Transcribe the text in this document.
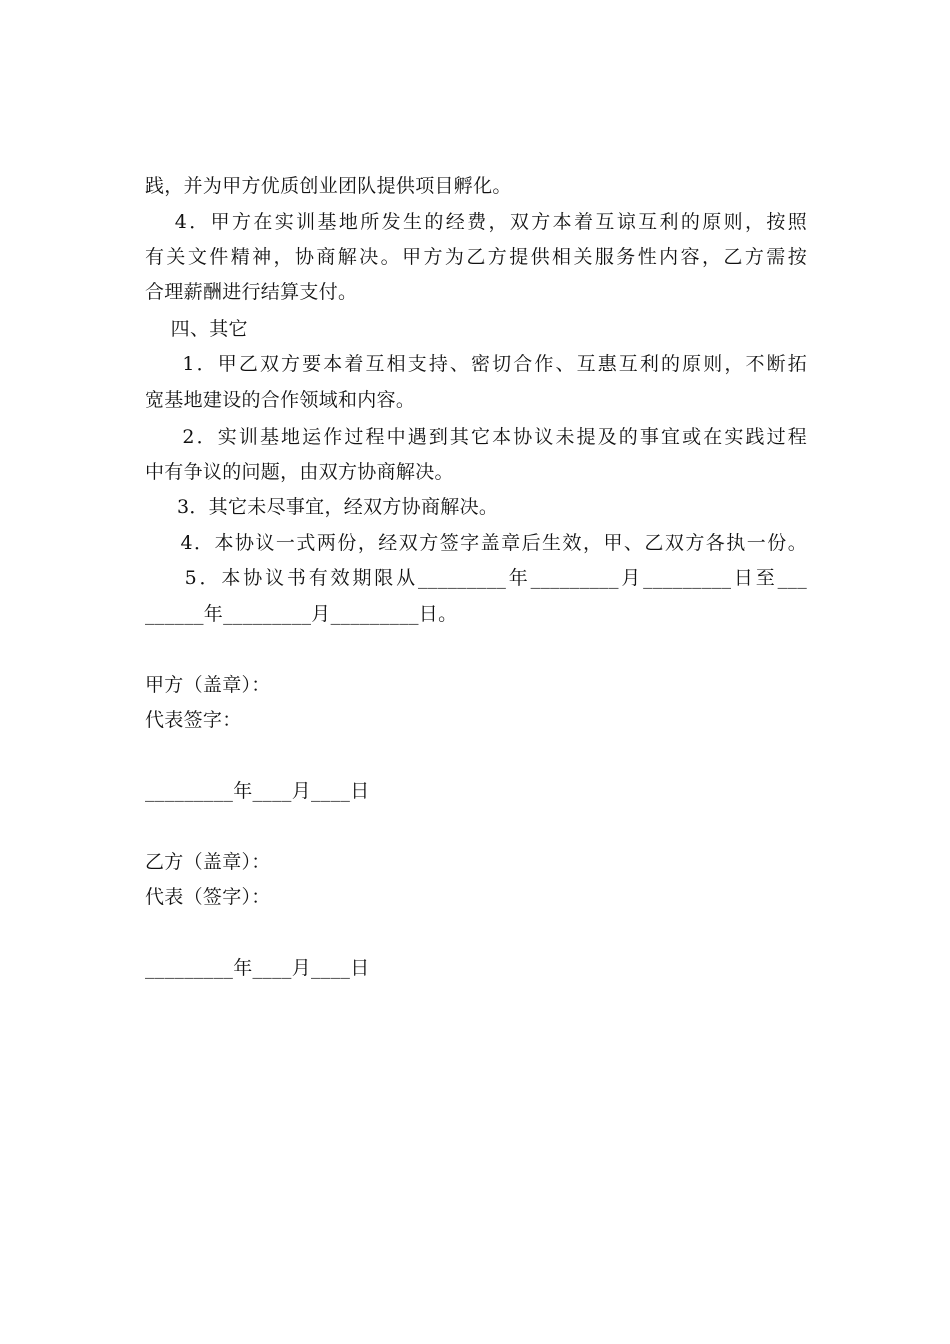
践，并为甲方优质创业团队提供项目孵化。
　 4．甲方在实训基地所发生的经费，双方本着互谅互利的原则，按照
有关文件精神，协商解决。甲方为乙方提供相关服务性内容，乙方需按
合理薪酬进行结算支付。
　 四、其它
　  1．甲乙双方要本着互相支持、密切合作、互惠互利的原则，不断拓
宽基地建设的合作领域和内容。
　  2．实训基地运作过程中遇到其它本协议未提及的事宜或在实践过程
中有争议的问题，由双方协商解决。
　  3．其它未尽事宜，经双方协商解决。
　  4．本协议一式两份，经双方签字盖章后生效，甲、乙双方各执一份。
　  5．本协议书有效期限从_________年_________月_________日至___
______年_________月_________日。
甲方（盖章）：
代表签字：
_________年____月____日
乙方（盖章）：
代表（签字）：
_________年____月____日
